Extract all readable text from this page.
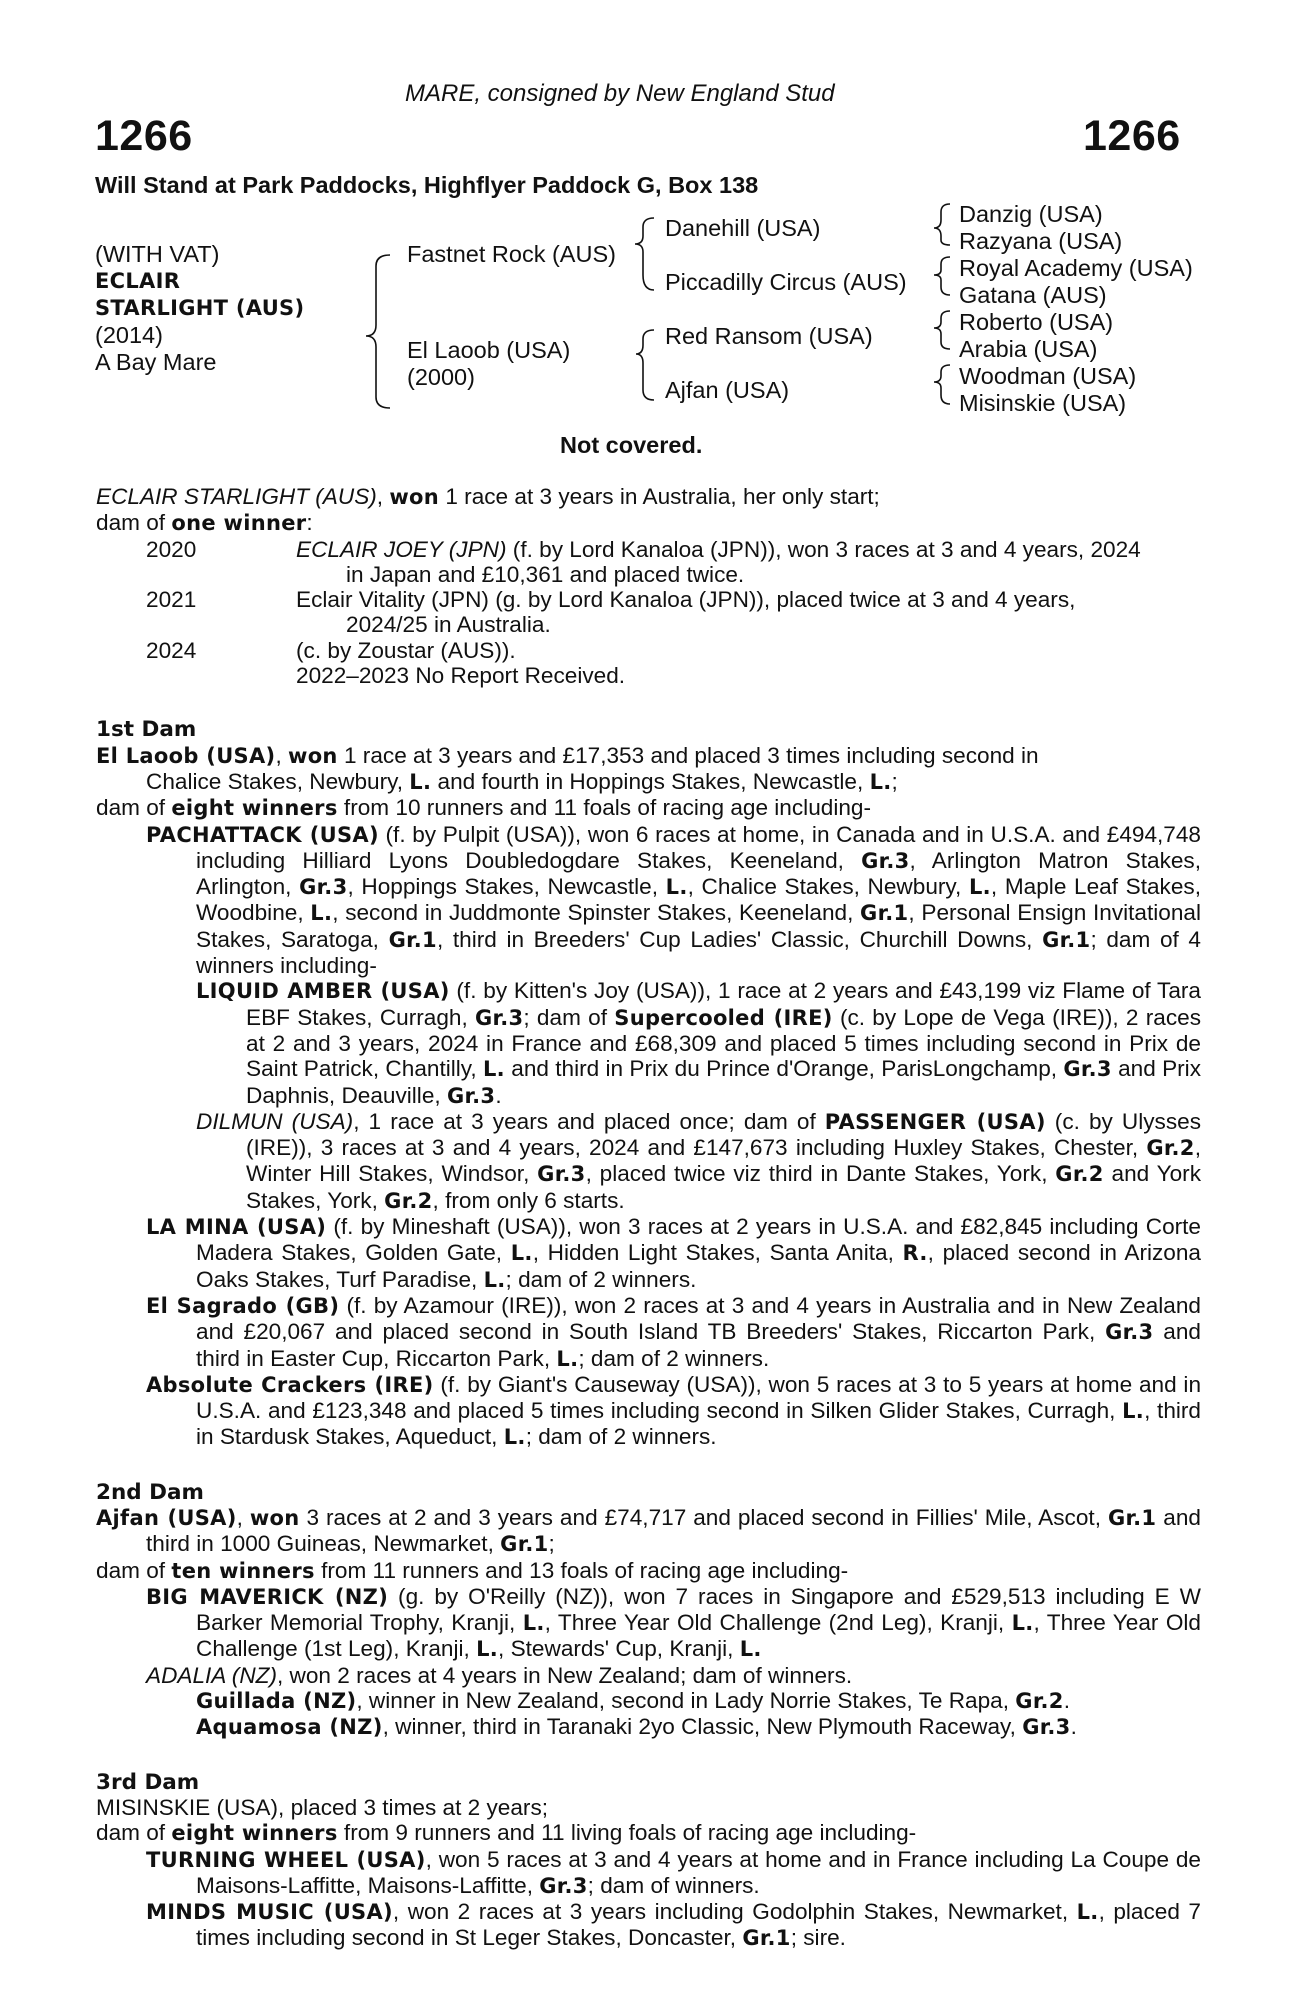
MARE, consigned by New England Stud
1266	1266
Will Stand at Park Paddocks, Highflyer Paddock G, Box 138
(WITH VAT)
ECLAIR
STARLIGHT (AUS)
(2014)
A Bay Mare
Fastnet Rock (AUS)
El Laoob (USA)
(2000)
Danehill (USA)
Piccadilly Circus (AUS)
Red Ransom (USA)
Ajfan (USA)
Danzig (USA)
Razyana (USA)
Royal Academy (USA)
Gatana (AUS)
Roberto (USA)
Arabia (USA)
Woodman (USA)
Misinskie (USA)
Not covered.

ECLAIR STARLIGHT (AUS), won 1 race at 3 years in Australia, her only start;

dam of one winner:

2020	ECLAIR JOEY (JPN) (f. by Lord Kanaloa (JPN)), won 3 races at 3 and 4 years, 2024
in Japan and £10,361 and placed twice.
2021	Eclair Vitality (JPN) (g. by Lord Kanaloa (JPN)), placed twice at 3 and 4 years,
2024/25 in Australia.
2024	(c. by Zoustar (AUS)).
2022–2023 No Report Received.

1st Dam

El Laoob (USA), won 1 race at 3 years and £17,353 and placed 3 times including second in

Chalice Stakes, Newbury, L. and fourth in Hoppings Stakes, Newcastle, L.;

dam of eight winners from 10 runners and 11 foals of racing age including-

PACHATTACK (USA) (f. by Pulpit (USA)), won 6 races at home, in Canada and in U.S.A. and £494,748 including Hilliard Lyons Doubledogdare Stakes, Keeneland, Gr.3, Arlington Matron Stakes, Arlington, Gr.3, Hoppings Stakes, Newcastle, L., Chalice Stakes, Newbury, L., Maple Leaf Stakes, Woodbine, L., second in Juddmonte Spinster Stakes, Keeneland, Gr.1, Personal Ensign Invitational Stakes, Saratoga, Gr.1, third in Breeders' Cup Ladies' Classic, Churchill Downs, Gr.1; dam of 4 winners including-

LIQUID AMBER (USA) (f. by Kitten's Joy (USA)), 1 race at 2 years and £43,199 viz Flame of Tara EBF Stakes, Curragh, Gr.3; dam of Supercooled (IRE) (c. by Lope de Vega (IRE)), 2 races at 2 and 3 years, 2024 in France and £68,309 and placed 5 times including second in Prix de Saint Patrick, Chantilly, L. and third in Prix du Prince d'Orange, ParisLongchamp, Gr.3 and Prix Daphnis, Deauville, Gr.3.

DILMUN (USA), 1 race at 3 years and placed once; dam of PASSENGER (USA) (c. by Ulysses (IRE)), 3 races at 3 and 4 years, 2024 and £147,673 including Huxley Stakes, Chester, Gr.2, Winter Hill Stakes, Windsor, Gr.3, placed twice viz third in Dante Stakes, York, Gr.2 and York Stakes, York, Gr.2, from only 6 starts.

LA MINA (USA) (f. by Mineshaft (USA)), won 3 races at 2 years in U.S.A. and £82,845 including Corte Madera Stakes, Golden Gate, L., Hidden Light Stakes, Santa Anita, R., placed second in Arizona Oaks Stakes, Turf Paradise, L.; dam of 2 winners.

El Sagrado (GB) (f. by Azamour (IRE)), won 2 races at 3 and 4 years in Australia and in New Zealand and £20,067 and placed second in South Island TB Breeders' Stakes, Riccarton Park, Gr.3 and third in Easter Cup, Riccarton Park, L.; dam of 2 winners.

Absolute Crackers (IRE) (f. by Giant's Causeway (USA)), won 5 races at 3 to 5 years at home and in U.S.A. and £123,348 and placed 5 times including second in Silken Glider Stakes, Curragh, L., third in Stardusk Stakes, Aqueduct, L.; dam of 2 winners.

2nd Dam

Ajfan (USA), won 3 races at 2 and 3 years and £74,717 and placed second in Fillies' Mile, Ascot, Gr.1 and third in 1000 Guineas, Newmarket, Gr.1;

dam of ten winners from 11 runners and 13 foals of racing age including-

BIG MAVERICK (NZ) (g. by O'Reilly (NZ)), won 7 races in Singapore and £529,513 including E W Barker Memorial Trophy, Kranji, L., Three Year Old Challenge (2nd Leg), Kranji, L., Three Year Old Challenge (1st Leg), Kranji, L., Stewards' Cup, Kranji, L.

ADALIA (NZ), won 2 races at 4 years in New Zealand; dam of winners.

Guillada (NZ), winner in New Zealand, second in Lady Norrie Stakes, Te Rapa, Gr.2.

Aquamosa (NZ), winner, third in Taranaki 2yo Classic, New Plymouth Raceway, Gr.3.

3rd Dam

MISINSKIE (USA), placed 3 times at 2 years;

dam of eight winners from 9 runners and 11 living foals of racing age including-

TURNING WHEEL (USA), won 5 races at 3 and 4 years at home and in France including La Coupe de Maisons-Laffitte, Maisons-Laffitte, Gr.3; dam of winners.

MINDS MUSIC (USA), won 2 races at 3 years including Godolphin Stakes, Newmarket, L., placed 7 times including second in St Leger Stakes, Doncaster, Gr.1; sire.
